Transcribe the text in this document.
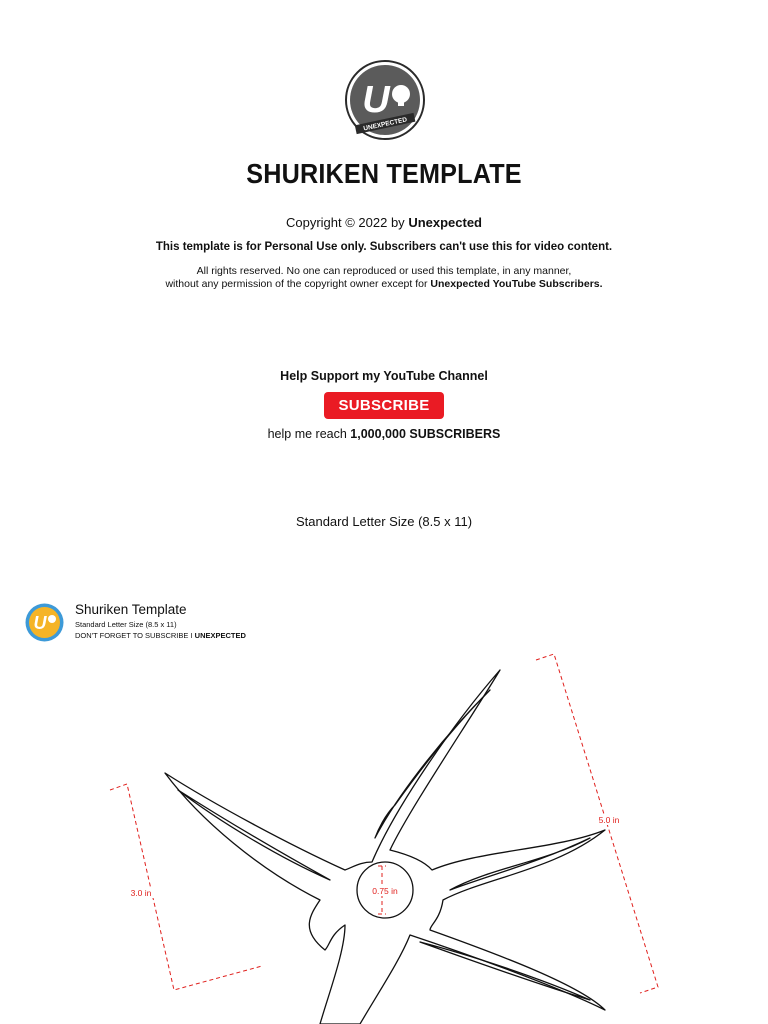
U
UNEXPECTED
SHURIKEN TEMPLATE
Copyright © 2022 by Unexpected
This template is for Personal Use only. Subscribers can't use this for video content.
All rights reserved. No one can reproduced or used this template, in any manner,
without any permission of the copyright owner except for Unexpected YouTube Subscribers.
Help Support my YouTube Channel
SUBSCRIBE
help me reach 1,000,000 SUBSCRIBERS
Standard Letter Size (8.5 x 11)
U
Shuriken Template
Standard Letter Size (8.5 x 11)
DON'T FORGET TO SUBSCRIBE I UNEXPECTED
5.0 in
3.0 in	0.75 in
